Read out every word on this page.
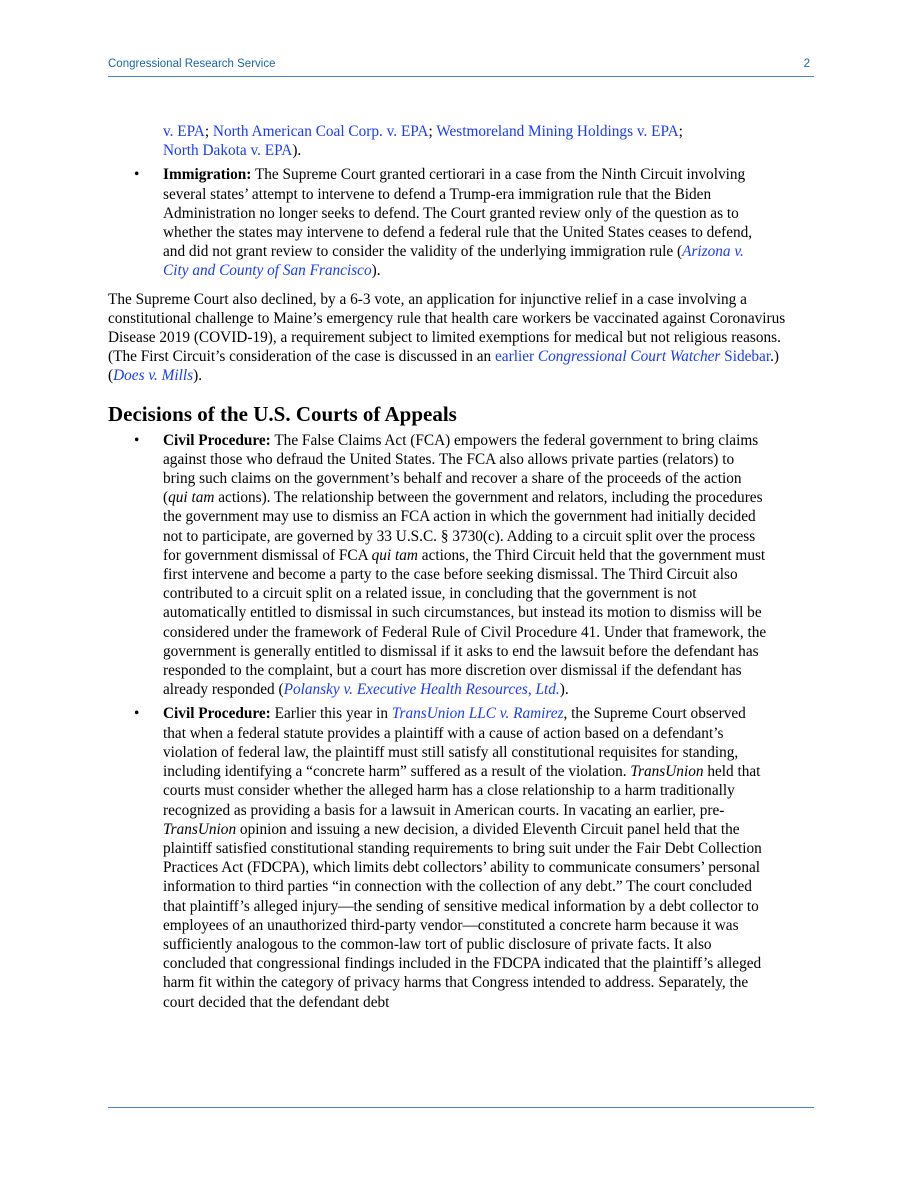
Congressional Research Service	2
v. EPA; North American Coal Corp. v. EPA; Westmoreland Mining Holdings v. EPA;
North Dakota v. EPA).
• Immigration: The Supreme Court granted certiorari in a case from the Ninth Circuit involving several states’ attempt to intervene to defend a Trump-era immigration rule that the Biden Administration no longer seeks to defend. The Court granted review only of the question as to whether the states may intervene to defend a federal rule that the United States ceases to defend, and did not grant review to consider the validity of the underlying immigration rule (Arizona v. City and County of San Francisco).
The Supreme Court also declined, by a 6-3 vote, an application for injunctive relief in a case involving a constitutional challenge to Maine’s emergency rule that health care workers be vaccinated against Coronavirus Disease 2019 (COVID-19), a requirement subject to limited exemptions for medical but not religious reasons. (The First Circuit’s consideration of the case is discussed in an earlier Congressional Court Watcher Sidebar.) (Does v. Mills).
Decisions of the U.S. Courts of Appeals
• Civil Procedure: The False Claims Act (FCA) empowers the federal government to bring claims against those who defraud the United States. The FCA also allows private parties (relators) to bring such claims on the government’s behalf and recover a share of the proceeds of the action (qui tam actions). The relationship between the government and relators, including the procedures the government may use to dismiss an FCA action in which the government had initially decided not to participate, are governed by 33 U.S.C. § 3730(c). Adding to a circuit split over the process for government dismissal of FCA qui tam actions, the Third Circuit held that the government must first intervene and become a party to the case before seeking dismissal. The Third Circuit also contributed to a circuit split on a related issue, in concluding that the government is not automatically entitled to dismissal in such circumstances, but instead its motion to dismiss will be considered under the framework of Federal Rule of Civil Procedure 41. Under that framework, the government is generally entitled to dismissal if it asks to end the lawsuit before the defendant has responded to the complaint, but a court has more discretion over dismissal if the defendant has already responded (Polansky v. Executive Health Resources, Ltd.).
• Civil Procedure: Earlier this year in TransUnion LLC v. Ramirez, the Supreme Court observed that when a federal statute provides a plaintiff with a cause of action based on a defendant’s violation of federal law, the plaintiff must still satisfy all constitutional requisites for standing, including identifying a “concrete harm” suffered as a result of the violation. TransUnion held that courts must consider whether the alleged harm has a close relationship to a harm traditionally recognized as providing a basis for a lawsuit in American courts. In vacating an earlier, pre-TransUnion opinion and issuing a new decision, a divided Eleventh Circuit panel held that the plaintiff satisfied constitutional standing requirements to bring suit under the Fair Debt Collection Practices Act (FDCPA), which limits debt collectors’ ability to communicate consumers’ personal information to third parties “in connection with the collection of any debt.” The court concluded that plaintiff’s alleged injury—the sending of sensitive medical information by a debt collector to employees of an unauthorized third-party vendor—constituted a concrete harm because it was sufficiently analogous to the common-law tort of public disclosure of private facts. It also concluded that congressional findings included in the FDCPA indicated that the plaintiff’s alleged harm fit within the category of privacy harms that Congress intended to address. Separately, the court decided that the defendant debt
